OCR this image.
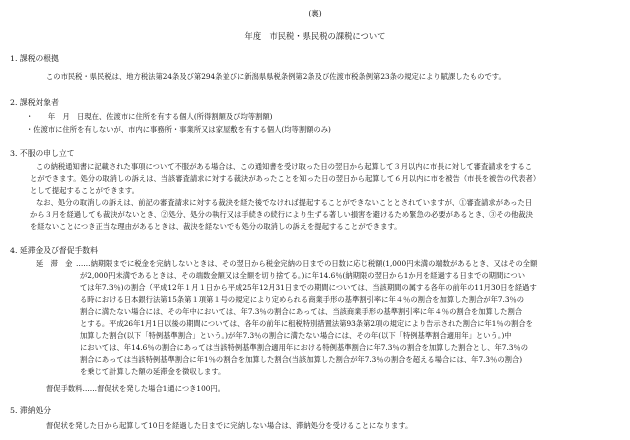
(裏)
年度　市民税・県民税の課税について
1. 課税の根拠
この市民税・県民税は、地方税法第24条及び第294条並びに新潟県県税条例第2条及び佐渡市税条例第23条の規定により賦課したものです。
2. 課税対象者
・　　年　月　日現在、佐渡市に住所を有する個人(所得割額及び均等割額)
・佐渡市に住所を有しないが、市内に事務所・事業所又は家屋敷を有する個人(均等割額のみ)
3. 不服の申し立て
この納税通知書に記載された事項について不服がある場合は、この通知書を受け取った日の翌日から起算して３月以内に市長に対して審査請求をするこ
とができます。処分の取消しの訴えは、当該審査請求に対する裁決があったことを知った日の翌日から起算して６月以内に市を被告（市長を被告の代表者）
として提起することができます。
なお、処分の取消しの訴えは、前記の審査請求に対する裁決を経た後でなければ提起することができないこととされていますが、①審査請求があった日
から３月を経過しても裁決がないとき、②処分、処分の執行又は手続きの続行により生ずる著しい損害を避けるため緊急の必要があるとき、③その他裁決
を経ないことにつき正当な理由があるときは、裁決を経ないでも処分の取消しの訴えを提起することができます。
4. 延滞金及び督促手数料
延　滞　金 ……納期限までに税金を完納しないときは、その翌日から税金完納の日までの日数に応じ税額(1,000円未満の端数があるとき、又はその全額
が2,000円未満であるときは、その端数金額又は全額を切り捨てる。)に年14.6％(納期限の翌日から1か月を経過する日までの期間につい
ては年7.3％)の割合（平成12年１月１日から平成25年12月31日までの期間については、当該期間の属する各年の前年の11月30日を経過す
る時における日本銀行法第15条第１項第１号の規定により定められる商業手形の基準割引率に年４％の割合を加算した割合が年7.3％の
割合に満たない場合には、その年中においては、年7.3％の割合にあっては、当該商業手形の基準割引率に年４％の割合を加算した割合
とする。平成26年1月1日以後の期間については、各年の前年に租税特別措置法第93条第2項の規定により告示された割合に年1％の割合を
加算した割合(以下「特例基準割合」という。)が年7.3％の割合に満たない場合には、その年(以下「特例基準割合適用年」という。)中
においては、年14.6％の割合にあっては当該特例基準割合適用年における特例基準割合に年7.3％の割合を加算した割合とし、年7.3％の
割合にあっては当該特例基準割合に年1％の割合を加算した割合(当該加算した割合が年7.3％の割合を超える場合には、年7.3％の割合)
を乗じて計算した額の延滞金を徴収します。
督促手数料……督促状を発した場合1通につき100円。
5. 滞納処分
督促状を発した日から起算して10日を経過した日までに完納しない場合は、滞納処分を受けることになります。
